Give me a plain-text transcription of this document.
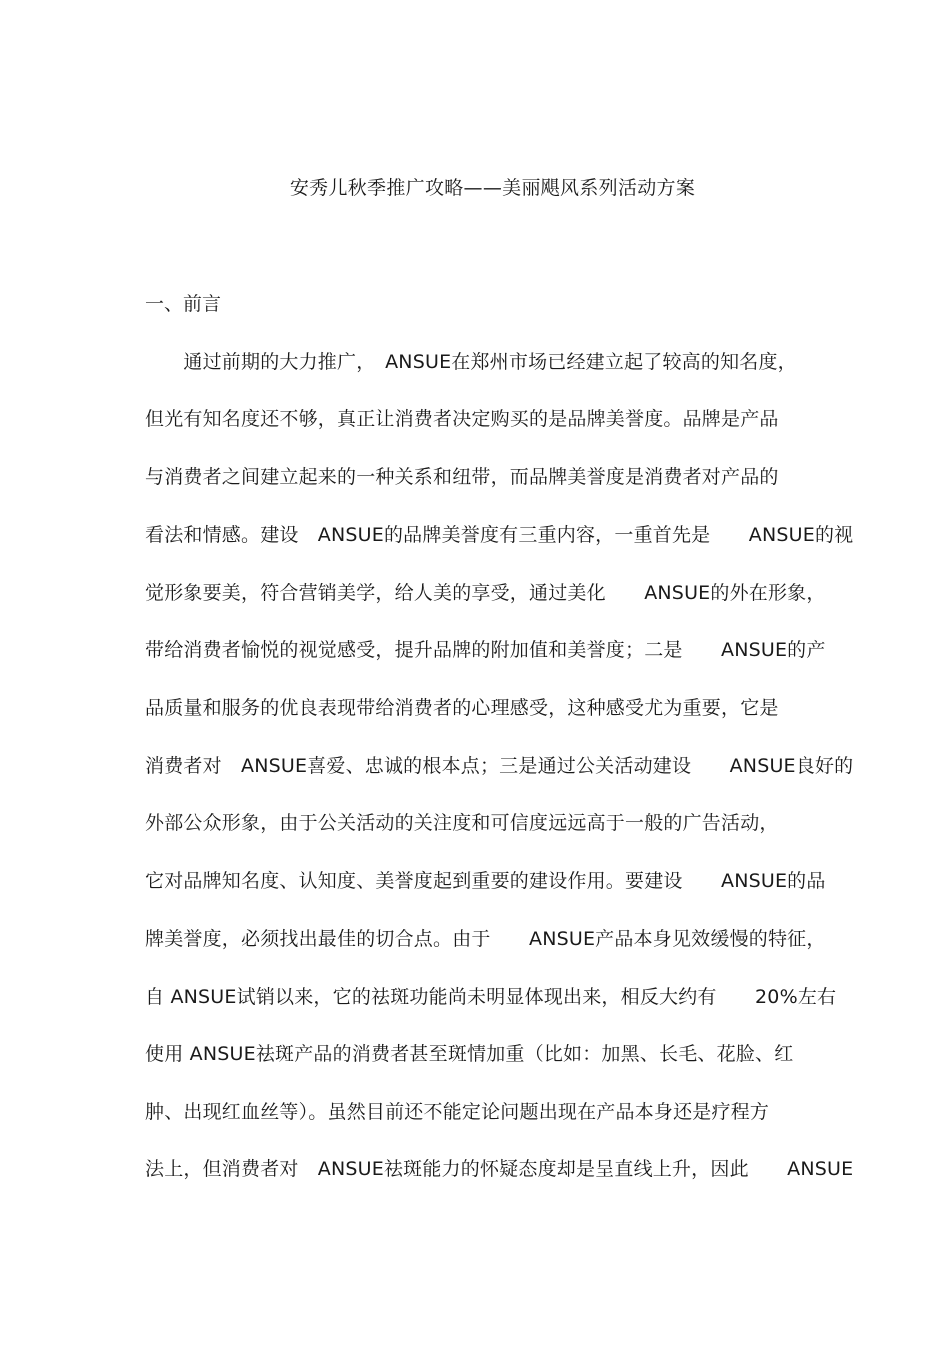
安秀儿秋季推广攻略——美丽飓风系列活动方案
一、前言
　　通过前期的大力推广，　ANSUE在郑州市场已经建立起了较高的知名度，
但光有知名度还不够，真正让消费者决定购买的是品牌美誉度。品牌是产品
与消费者之间建立起来的一种关系和纽带，而品牌美誉度是消费者对产品的
看法和情感。建设　ANSUE的品牌美誉度有三重内容，一重首先是　　ANSUE的视
觉形象要美，符合营销美学，给人美的享受，通过美化　　ANSUE的外在形象，
带给消费者愉悦的视觉感受，提升品牌的附加值和美誉度；二是　　ANSUE的产
品质量和服务的优良表现带给消费者的心理感受，这种感受尤为重要，它是
消费者对　ANSUE喜爱、忠诚的根本点；三是通过公关活动建设　　ANSUE良好的
外部公众形象，由于公关活动的关注度和可信度远远高于一般的广告活动，
它对品牌知名度、认知度、美誉度起到重要的建设作用。要建设　　ANSUE的品
牌美誉度，必须找出最佳的切合点。由于　　ANSUE产品本身见效缓慢的特征，
自 ANSUE试销以来，它的祛斑功能尚未明显体现出来，相反大约有　　20%左右
使用 ANSUE祛斑产品的消费者甚至斑情加重（比如：加黑、长毛、花脸、红
肿、出现红血丝等）。虽然目前还不能定论问题出现在产品本身还是疗程方
法上，但消费者对　ANSUE祛斑能力的怀疑态度却是呈直线上升，因此　　ANSUE
